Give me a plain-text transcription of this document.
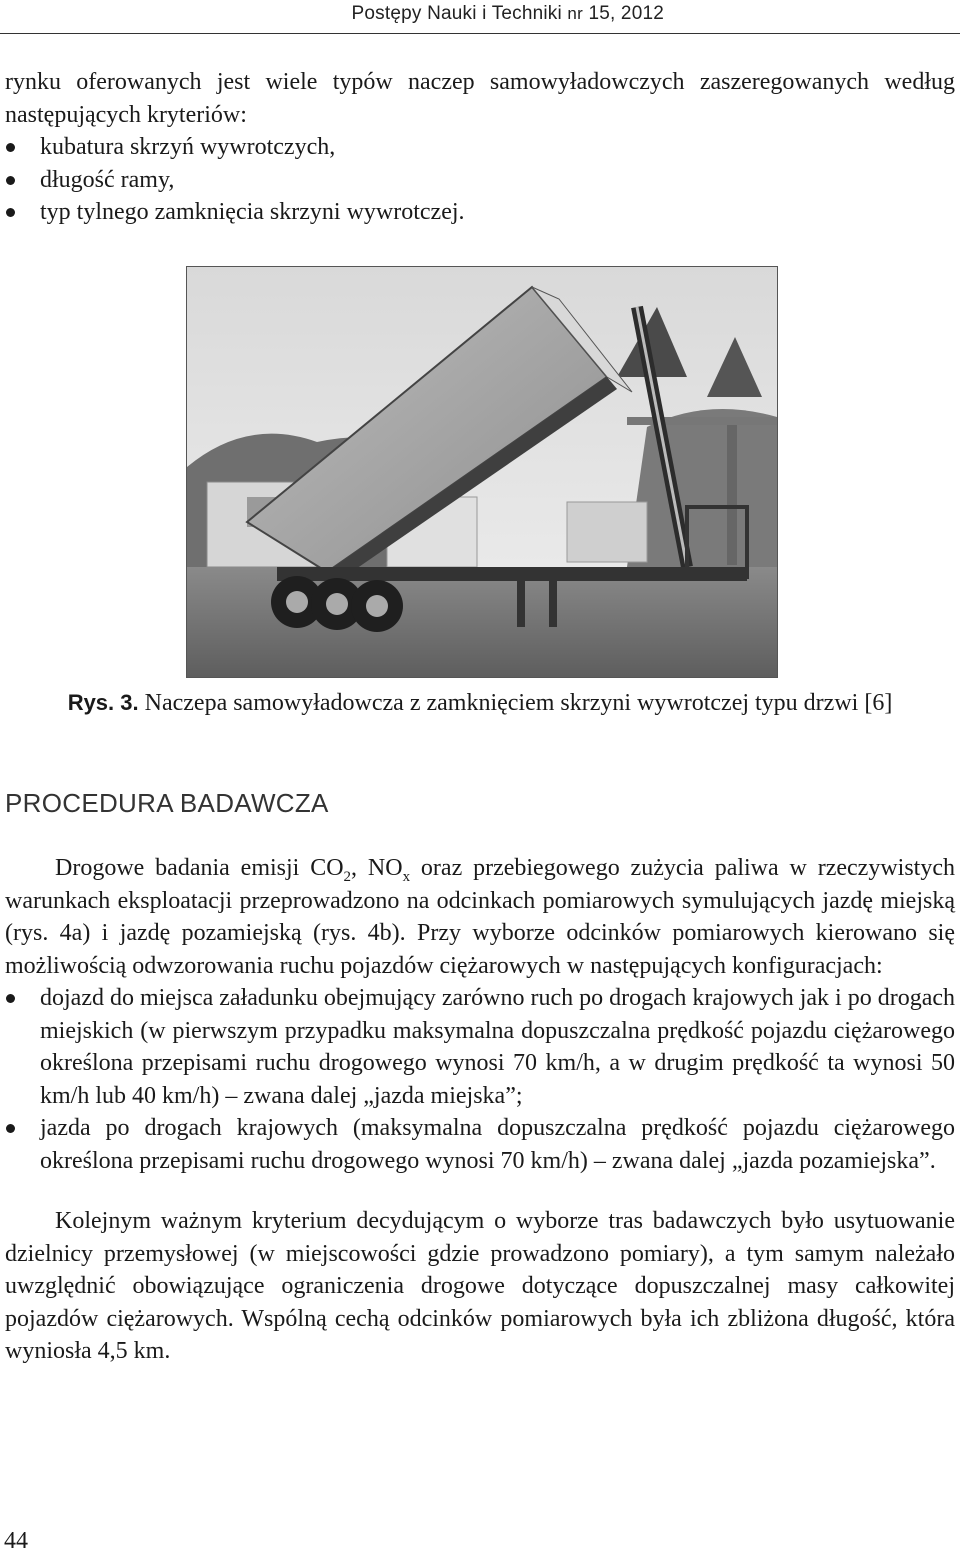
Postępy Nauki i Techniki nr 15, 2012
rynku oferowanych jest wiele typów naczep samowyładowczych zaszeregowanych według następujących kryteriów:
kubatura skrzyń wywrotczych,
długość ramy,
typ tylnego zamknięcia skrzyni wywrotczej.
Rys. 3. Naczepa samowyładowcza z zamknięciem skrzyni wywrotczej typu drzwi [6]
PROCEDURA BADAWCZA
Drogowe badania emisji $CO_2$, $NO_x$ oraz przebiegowego zużycia paliwa w rzeczywistych warunkach eksploatacji przeprowadzono na odcinkach pomiarowych symulujących jazdę miejską (rys. 4a) i jazdę pozamiejską (rys. 4b). Przy wyborze odcinków pomiarowych kierowano się możliwością odwzorowania ruchu pojazdów ciężarowych w następujących konfiguracjach:
dojazd do miejsca załadunku obejmujący zarówno ruch po drogach krajowych jak i po drogach miejskich (w pierwszym przypadku maksymalna dopuszczalna prędkość pojazdu ciężarowego określona przepisami ruchu drogowego wynosi 70 km/h, a w drugim prędkość ta wynosi 50 km/h lub 40 km/h) – zwana dalej „jazda miejska”;
jazda po drogach krajowych (maksymalna dopuszczalna prędkość pojazdu ciężarowego określona przepisami ruchu drogowego wynosi 70 km/h) – zwana dalej „jazda pozamiejska”.
Kolejnym ważnym kryterium decydującym o wyborze tras badawczych było usytuowanie dzielnicy przemysłowej (w miejscowości gdzie prowadzono pomiary), a tym samym należało uwzględnić obowiązujące ograniczenia drogowe dotyczące dopuszczalnej masy całkowitej pojazdów ciężarowych. Wspólną cechą odcinków pomiarowych była ich zbliżona długość, która wyniosła 4,5 km.
44
